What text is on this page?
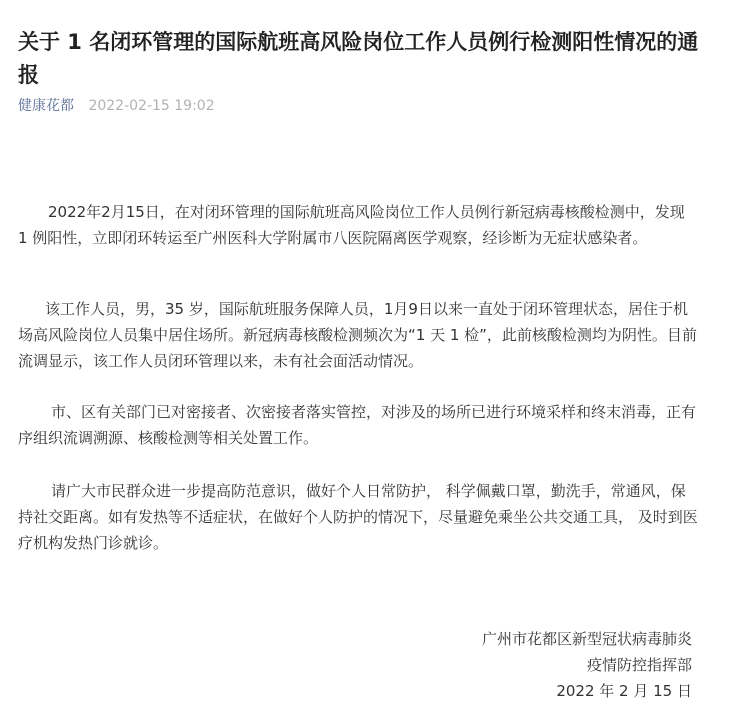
关于 1 名闭环管理的国际航班高风险岗位工作人员例行检测阳性情况的通报
健康花都 2022-02-15 19:02

2022年2月15日，在对闭环管理的国际航班高风险岗位工作人员例行新冠病毒核酸检测中，发现 1 例阳性，立即闭环转运至广州医科大学附属市八医院隔离医学观察，经诊断为无症状感染者。

该工作人员，男，35 岁，国际航班服务保障人员，1月9日以来一直处于闭环管理状态，居住于机场高风险岗位人员集中居住场所。新冠病毒核酸检测频次为“1 天 1 检”，此前核酸检测均为阴性。目前流调显示，该工作人员闭环管理以来，未有社会面活动情况。

市、区有关部门已对密接者、次密接者落实管控，对涉及的场所已进行环境采样和终末消毒，正有序组织流调溯源、核酸检测等相关处置工作。

请广大市民群众进一步提高防范意识，做好个人日常防护， 科学佩戴口罩，勤洗手，常通风，保持社交距离。如有发热等不适症状，在做好个人防护的情况下，尽量避免乘坐公共交通工具， 及时到医疗机构发热门诊就诊。

广州市花都区新型冠状病毒肺炎
疫情防控指挥部
2022 年 2 月 15 日
